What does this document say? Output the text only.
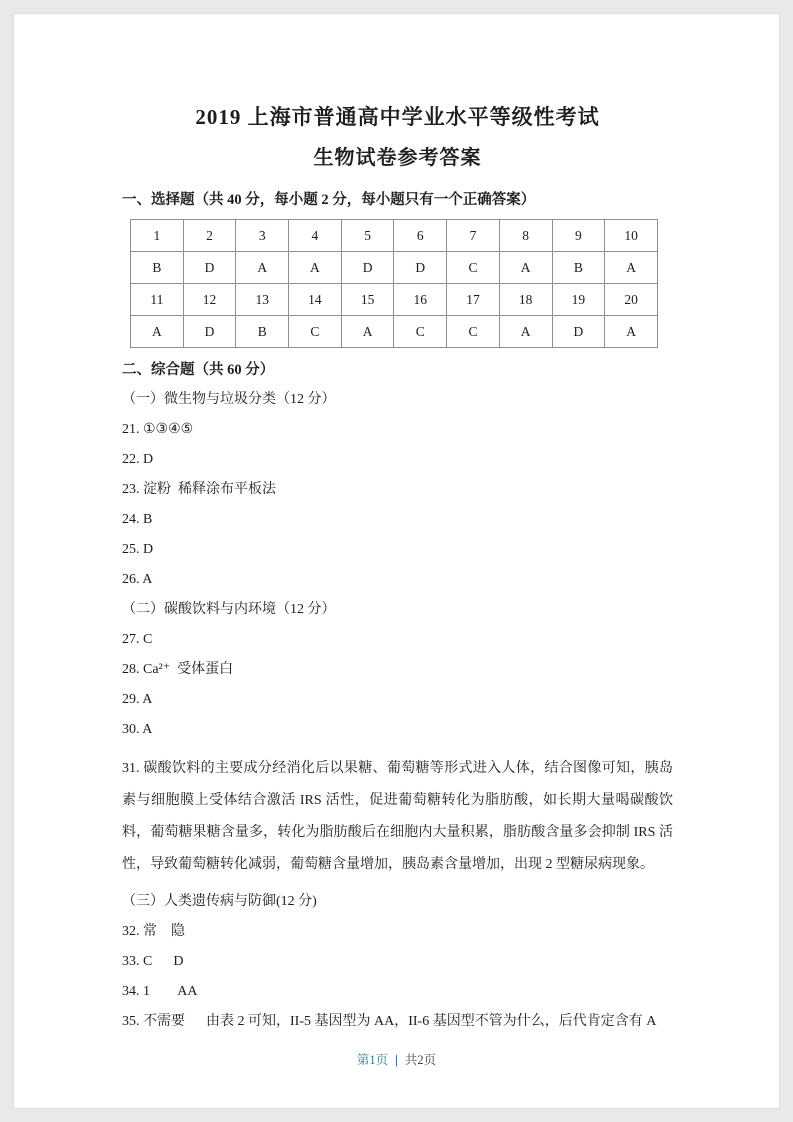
2019 上海市普通高中学业水平等级性考试
生物试卷参考答案
一、选择题（共 40 分，每小题 2 分，每小题只有一个正确答案）
1	2	3	4	5	6	7	8	9	10
B	D	A	A	D	D	C	A	B	A
11	12	13	14	15	16	17	18	19	20
A	D	B	C	A	C	C	A	D	A
二、综合题（共 60 分）
（一）微生物与垃圾分类（12 分）

21. ①③④⑤

22. D

23. 淀粉  稀释涂布平板法

24. B

25. D

26. A

（二）碳酸饮料与内环境（12 分）

27. C

28. Ca²⁺  受体蛋白

29. A

30. A

31. 碳酸饮料的主要成分经消化后以果糖、葡萄糖等形式进入人体，结合图像可知，胰岛素与细胞膜上受体结合激活 IRS 活性，促进葡萄糖转化为脂肪酸，如长期大量喝碳酸饮料，葡萄糖果糖含量多，转化为脂肪酸后在细胞内大量积累，脂肪酸含量多会抑制 IRS 活性，导致葡萄糖转化减弱，葡萄糖含量增加，胰岛素含量增加，出现 2 型糖尿病现象。

（三）人类遗传病与防御(12 分)

32. 常    隐

33. C      D

34. 1        AA

35. 不需要      由表 2 可知，II-5 基因型为 AA，II-6 基因型不管为什么，后代肯定含有 A

第1页 | 共2页
